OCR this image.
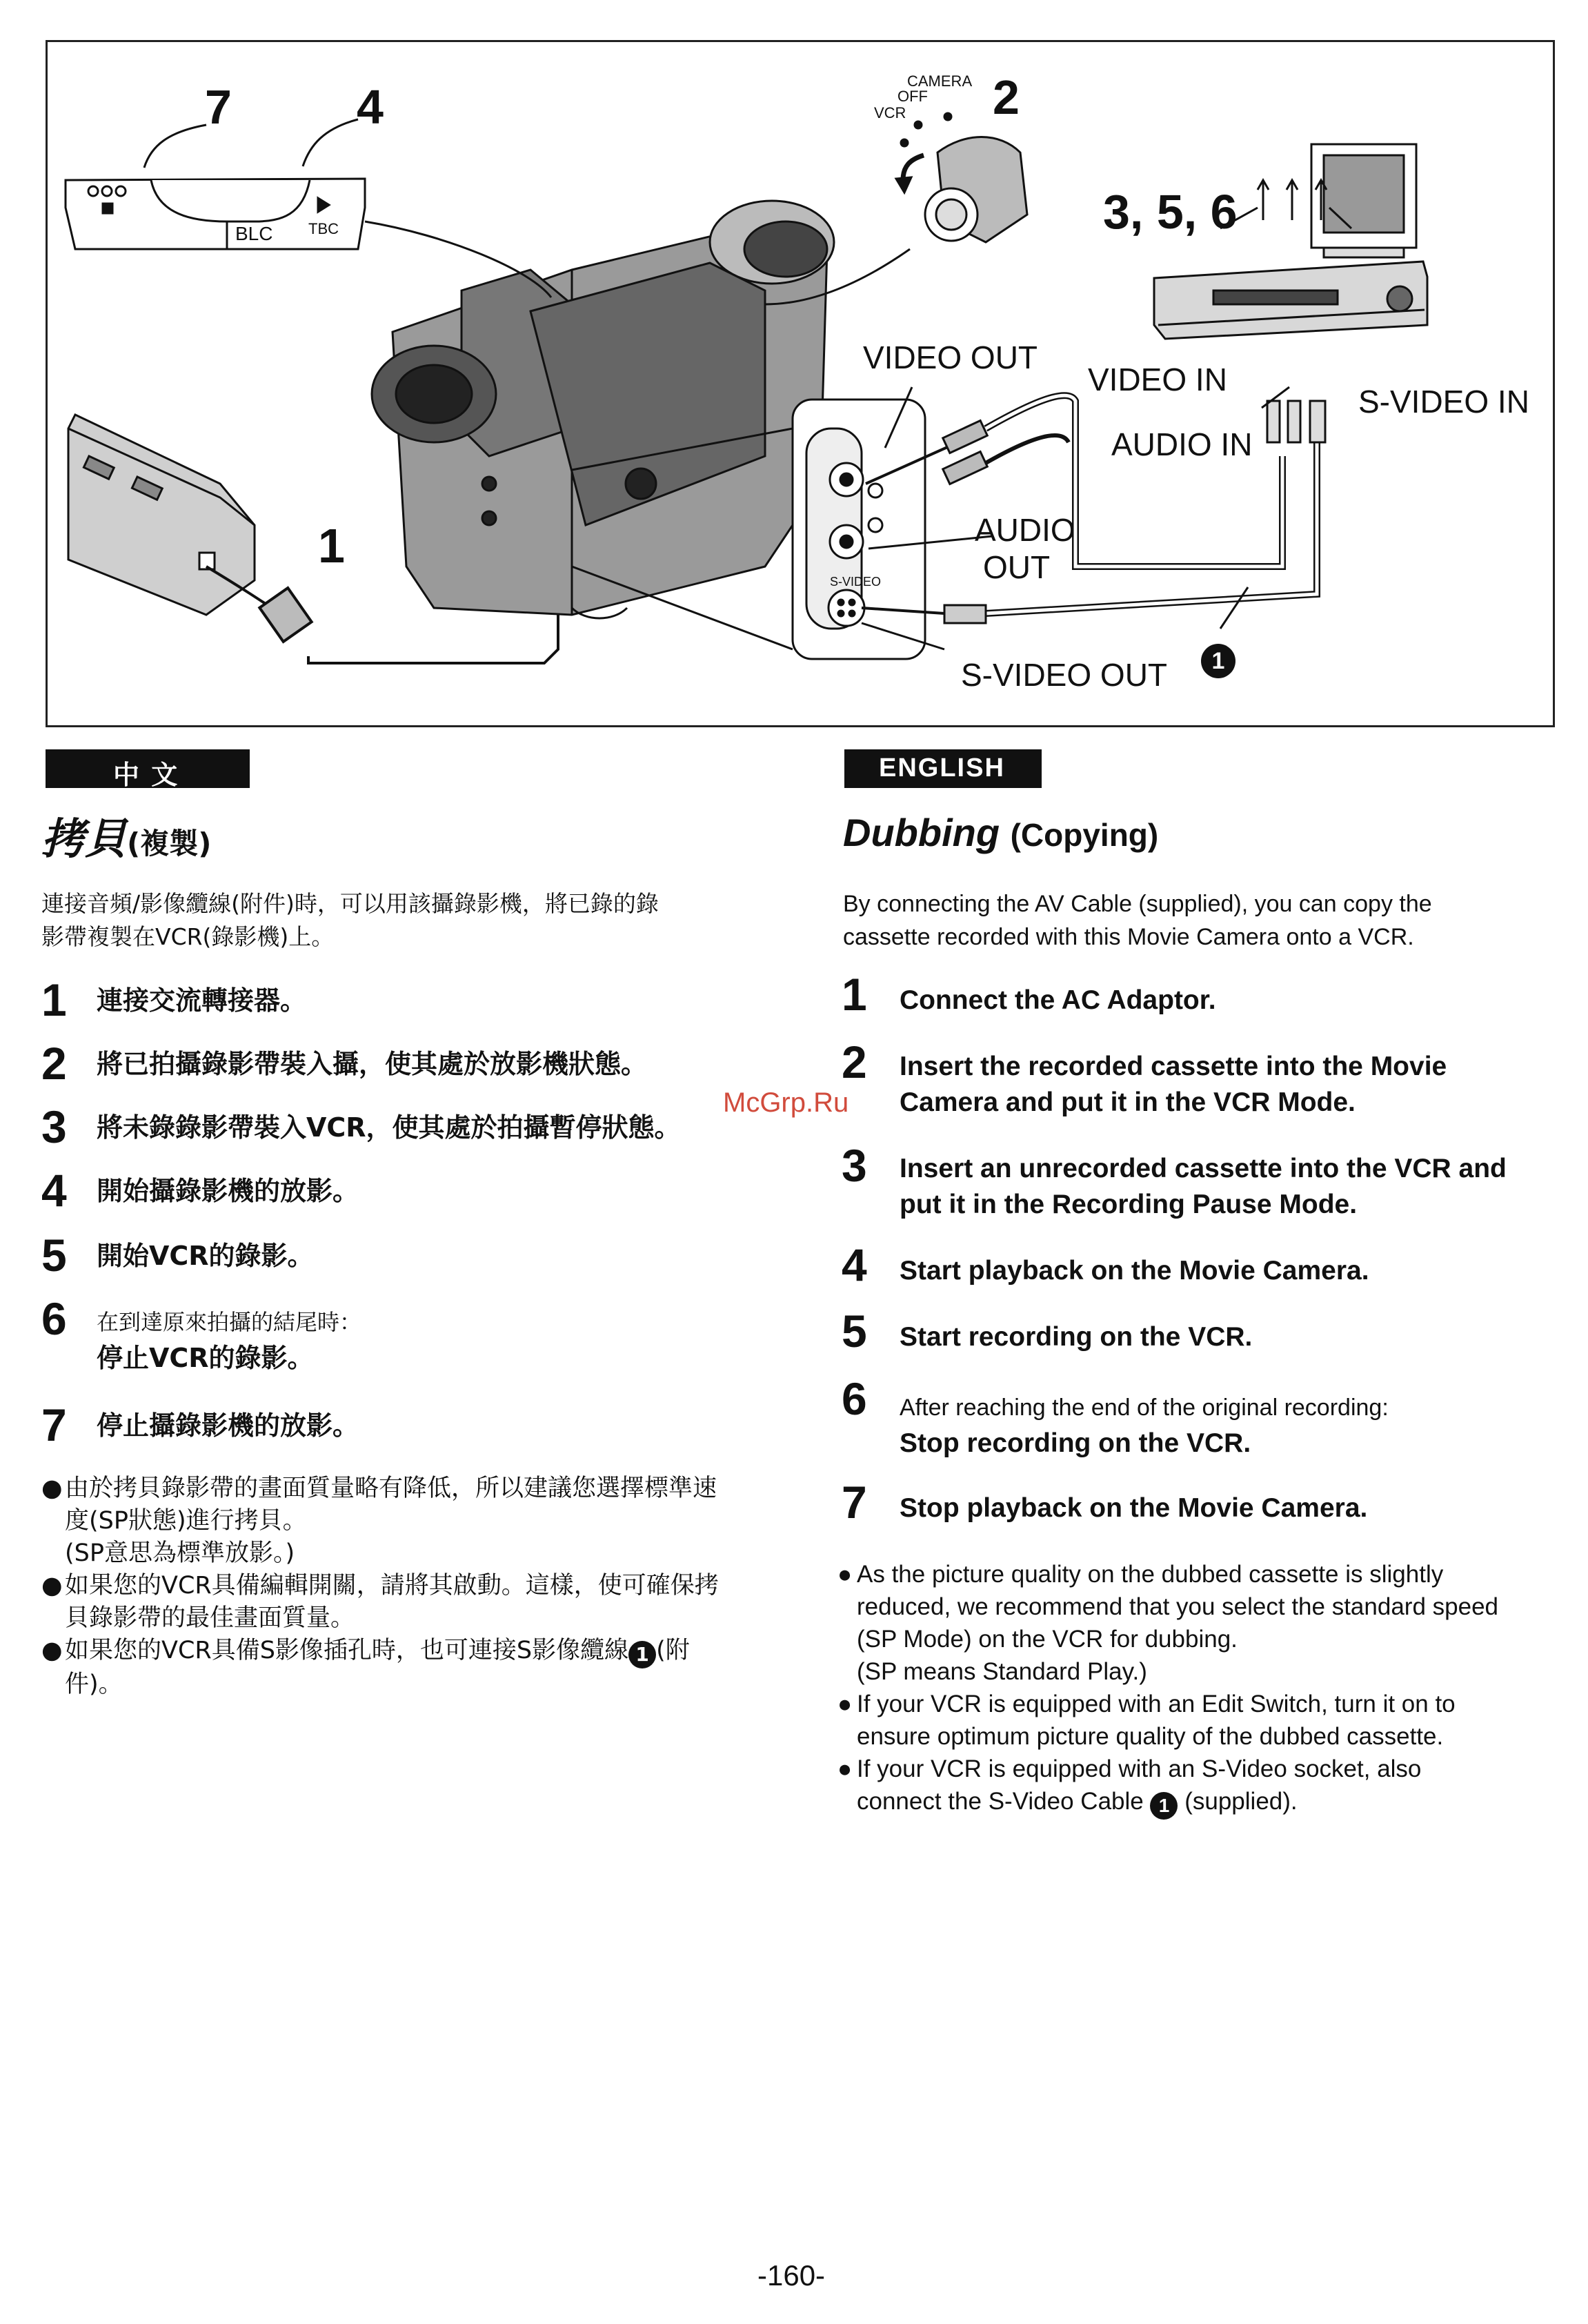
7	4	2
3, 5, 6
1
CAMERA
OFF
VCR
BLC TBC
S-VIDEO
VIDEO OUT
VIDEO IN
S-VIDEO IN
AUDIO IN
AUDIO
OUT
S-VIDEO OUT	1
中 文
拷貝(複製)
連接音頻/影像纜線(附件)時，可以用該攝錄影機，將已錄的錄
影帶複製在VCR(錄影機)上。
1 連接交流轉接器。
2 將已拍攝錄影帶裝入攝，使其處於放影機狀態。
3 將未錄錄影帶裝入VCR，使其處於拍攝暫停狀態。
4 開始攝錄影機的放影。
5 開始VCR的錄影。
6 在到達原來拍攝的結尾時：
停止VCR的錄影。
7 停止攝錄影機的放影。
● 由於拷貝錄影帶的畫面質量略有降低，所以建議您選擇標準速
度(SP狀態)進行拷貝。
(SP意思為標準放影。)
● 如果您的VCR具備編輯開關，請將其啟動。這樣，使可確保拷
貝錄影帶的最佳畫面質量。
● 如果您的VCR具備S影像插孔時，也可連接S影像纜線 1 (附
件)。
ENGLISH
Dubbing (Copying)
By connecting the AV Cable (supplied), you can copy the
cassette recorded with this Movie Camera onto a VCR.
1 Connect the AC Adaptor.
2 Insert the recorded cassette into the Movie
Camera and put it in the VCR Mode.
3 Insert an unrecorded cassette into the VCR and
put it in the Recording Pause Mode.
4 Start playback on the Movie Camera.
5 Start recording on the VCR.
6 After reaching the end of the original recording:
Stop recording on the VCR.
7 Stop playback on the Movie Camera.
● As the picture quality on the dubbed cassette is slightly
reduced, we recommend that you select the standard speed
(SP Mode) on the VCR for dubbing.
(SP means Standard Play.)
● If your VCR is equipped with an Edit Switch, turn it on to
ensure optimum picture quality of the dubbed cassette.
● If your VCR is equipped with an S-Video socket, also
connect the S-Video Cable 1 (supplied).
McGrp.Ru
-160-
